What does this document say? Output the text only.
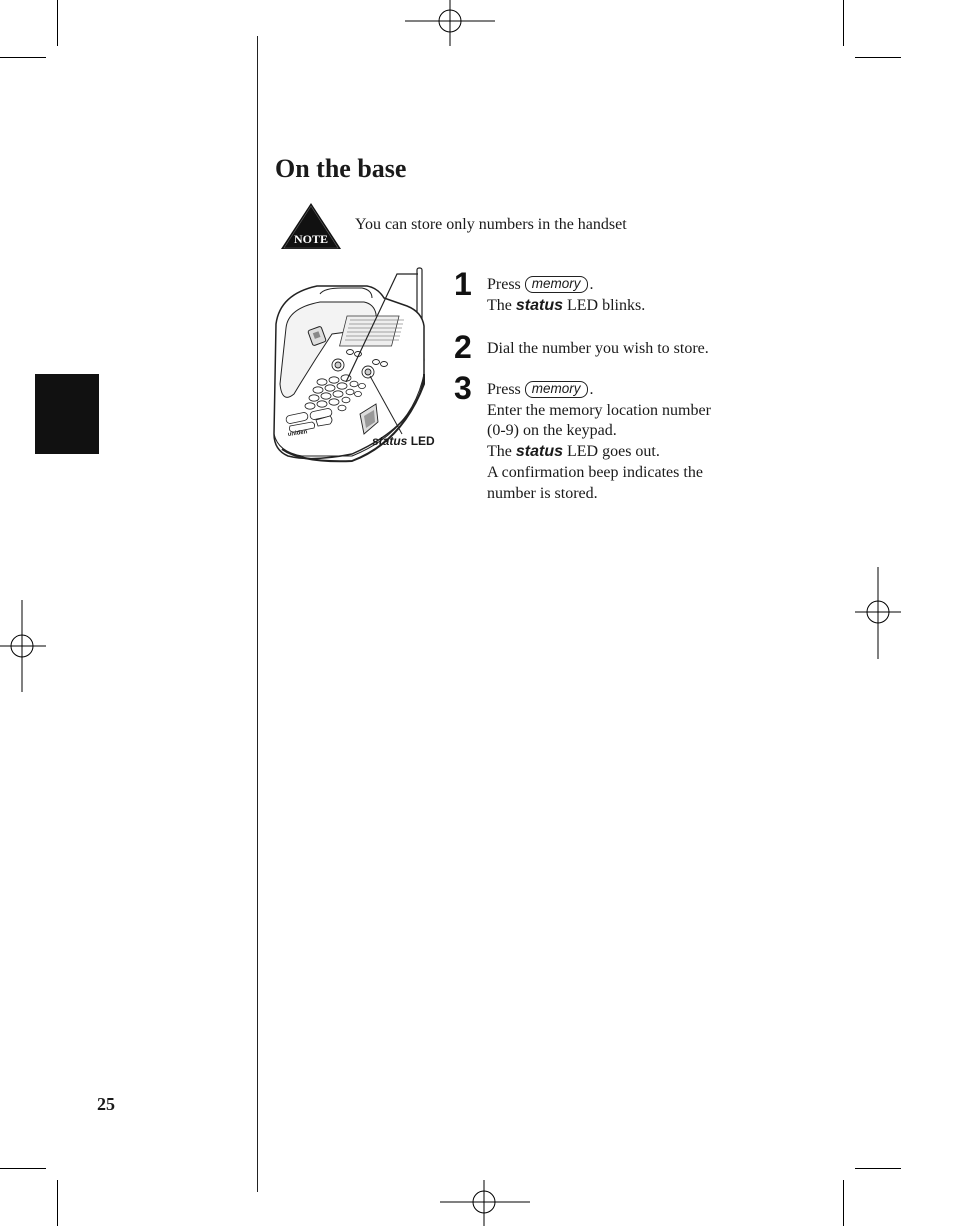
On the base
NOTE
You can store only numbers in the handset
uniden
status LED
1 Press memory .
The status LED blinks.
2 Dial the number you wish to store.
3 Press memory .
Enter the memory location number
(0-9) on the keypad.
The status LED goes out.
A confirmation beep indicates the
number is stored.
25
